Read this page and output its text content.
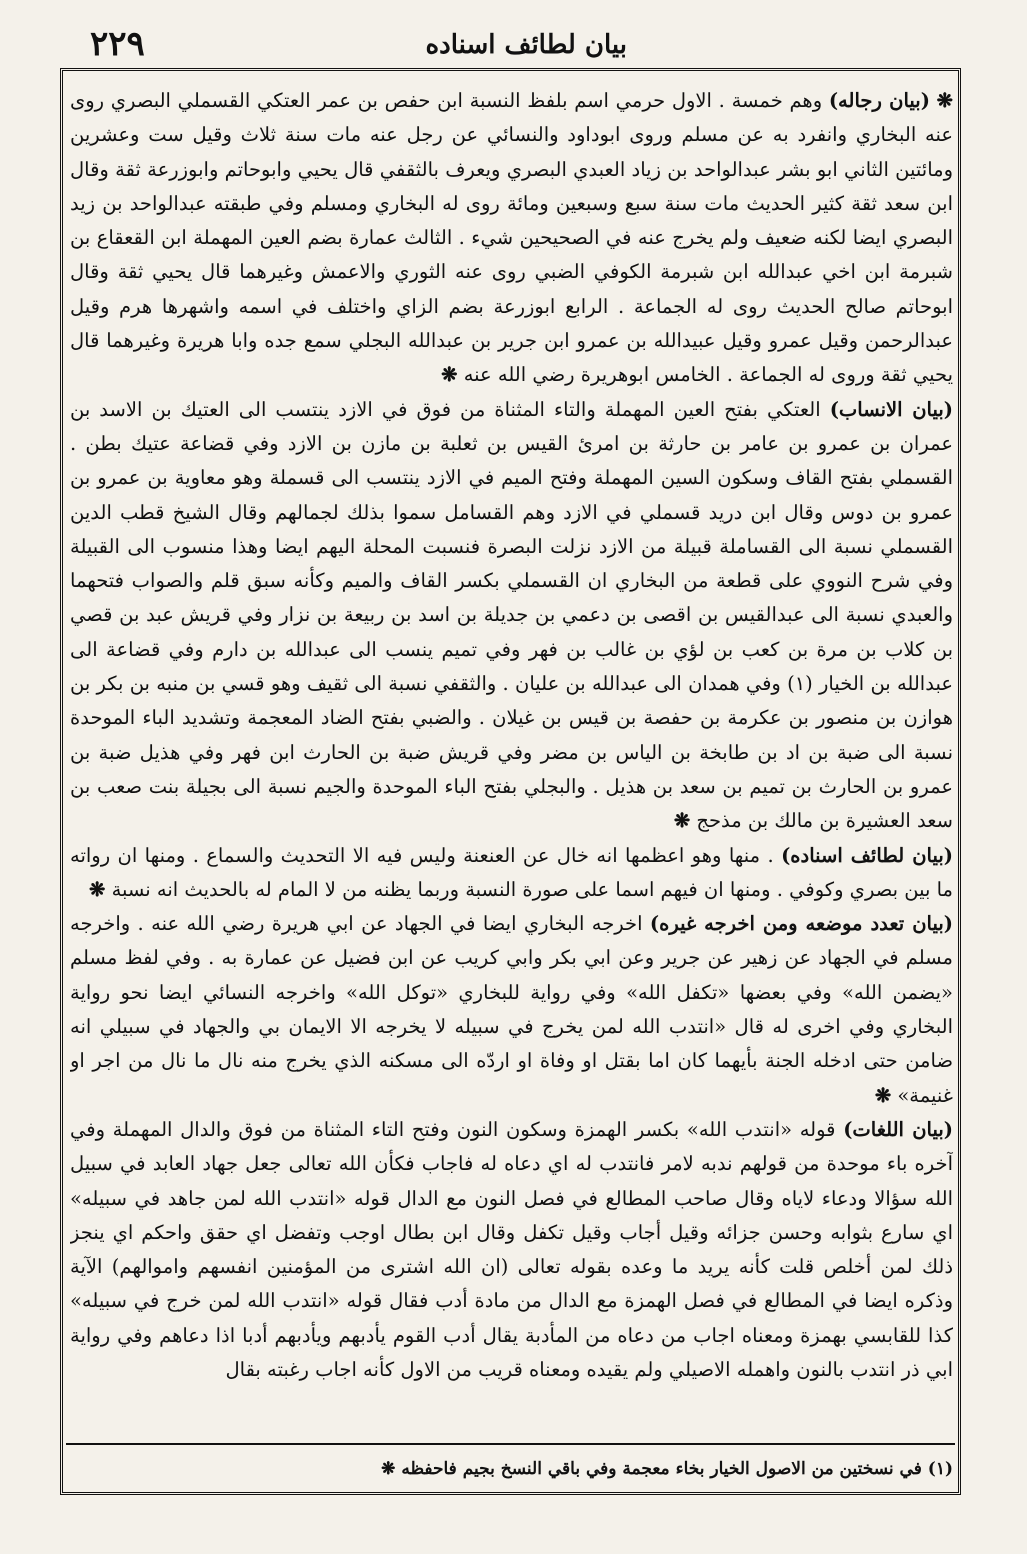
بيان لطائف اسناده
٢٢٩

❋ (بيان رجاله) وهم خمسة . الاول حرمي اسم بلفظ النسبة ابن حفص بن عمر العتكي القسملي البصري روى عنه البخاري وانفرد به عن مسلم وروى ابوداود والنسائي عن رجل عنه مات سنة ثلاث وقيل ست وعشرين ومائتين الثاني ابو بشر عبدالواحد بن زياد العبدي البصري ويعرف بالثقفي قال يحيي وابوحاتم وابوزرعة ثقة وقال ابن سعد ثقة كثير الحديث مات سنة سبع وسبعين ومائة روى له البخاري ومسلم وفي طبقته عبدالواحد بن زيد البصري ايضا لكنه ضعيف ولم يخرج عنه في الصحيحين شيء . الثالث عمارة بضم العين المهملة ابن القعقاع بن شبرمة ابن اخي عبدالله ابن شبرمة الكوفي الضبي روى عنه الثوري والاعمش وغيرهما قال يحيي ثقة وقال ابوحاتم صالح الحديث روى له الجماعة . الرابع ابوزرعة بضم الزاي واختلف في اسمه واشهرها هرم وقيل عبدالرحمن وقيل عمرو وقيل عبيدالله بن عمرو ابن جرير بن عبدالله البجلي سمع جده وابا هريرة وغيرهما قال يحيي ثقة وروى له الجماعة . الخامس ابوهريرة رضي الله عنه ❋

(بيان الانساب) العتكي بفتح العين المهملة والتاء المثناة من فوق في الازد ينتسب الى العتيك بن الاسد بن عمران بن عمرو بن عامر بن حارثة بن امرئ القيس بن ثعلبة بن مازن بن الازد وفي قضاعة عتيك بطن . القسملي بفتح القاف وسكون السين المهملة وفتح الميم في الازد ينتسب الى قسملة وهو معاوية بن عمرو بن عمرو بن دوس وقال ابن دريد قسملي في الازد وهم القسامل سموا بذلك لجمالهم وقال الشيخ قطب الدين القسملي نسبة الى القساملة قبيلة من الازد نزلت البصرة فنسبت المحلة اليهم ايضا وهذا منسوب الى القبيلة وفي شرح النووي على قطعة من البخاري ان القسملي بكسر القاف والميم وكأنه سبق قلم والصواب فتحهما والعبدي نسبة الى عبدالقيس بن اقصى بن دعمي بن جديلة بن اسد بن ربيعة بن نزار وفي قريش عبد بن قصي بن كلاب بن مرة بن كعب بن لؤي بن غالب بن فهر وفي تميم ينسب الى عبدالله بن دارم وفي قضاعة الى عبدالله بن الخيار (١) وفي همدان الى عبدالله بن عليان . والثقفي نسبة الى ثقيف وهو قسي بن منبه بن بكر بن هوازن بن منصور بن عكرمة بن حفصة بن قيس بن غيلان . والضبي بفتح الضاد المعجمة وتشديد الباء الموحدة نسبة الى ضبة بن اد بن طابخة بن الياس بن مضر وفي قريش ضبة بن الحارث ابن فهر وفي هذيل ضبة بن عمرو بن الحارث بن تميم بن سعد بن هذيل . والبجلي بفتح الباء الموحدة والجيم نسبة الى بجيلة بنت صعب بن سعد العشيرة بن مالك بن مذحج ❋

(بيان لطائف اسناده) . منها وهو اعظمها انه خال عن العنعنة وليس فيه الا التحديث والسماع . ومنها ان رواته ما بين بصري وكوفي . ومنها ان فيهم اسما على صورة النسبة وربما يظنه من لا المام له بالحديث انه نسبة ❋

(بيان تعدد موضعه ومن اخرجه غيره) اخرجه البخاري ايضا في الجهاد عن ابي هريرة رضي الله عنه . واخرجه مسلم في الجهاد عن زهير عن جرير وعن ابي بكر وابي كريب عن ابن فضيل عن عمارة به . وفي لفظ مسلم «يضمن الله» وفي بعضها «تكفل الله» وفي رواية للبخاري «توكل الله» واخرجه النسائي ايضا نحو رواية البخاري وفي اخرى له قال «انتدب الله لمن يخرج في سبيله لا يخرجه الا الايمان بي والجهاد في سبيلي انه ضامن حتى ادخله الجنة بأيهما كان اما بقتل او وفاة او اردّه الى مسكنه الذي يخرج منه نال ما نال من اجر او غنيمة» ❋

(بيان اللغات) قوله «انتدب الله» بكسر الهمزة وسكون النون وفتح التاء المثناة من فوق والدال المهملة وفي آخره باء موحدة من قولهم ندبه لامر فانتدب له اي دعاه له فاجاب فكأن الله تعالى جعل جهاد العابد في سبيل الله سؤالا ودعاء لاياه وقال صاحب المطالع في فصل النون مع الدال قوله «انتدب الله لمن جاهد في سبيله» اي سارع بثوابه وحسن جزائه وقيل أجاب وقيل تكفل وقال ابن بطال اوجب وتفضل اي حقق واحكم اي ينجز ذلك لمن أخلص قلت كأنه يريد ما وعده بقوله تعالى (ان الله اشترى من المؤمنين انفسهم واموالهم) الآية وذكره ايضا في المطالع في فصل الهمزة مع الدال من مادة أدب فقال قوله «انتدب الله لمن خرج في سبيله» كذا للقابسي بهمزة ومعناه اجاب من دعاه من المأدبة يقال أدب القوم يأدبهم ويأدبهم أدبا اذا دعاهم وفي رواية ابي ذر انتدب بالنون واهمله الاصيلي ولم يقيده ومعناه قريب من الاول كأنه اجاب رغبته بقال

(١) في نسختين من الاصول الخيار بخاء معجمة وفي باقي النسخ بجيم فاحفظه ❋
